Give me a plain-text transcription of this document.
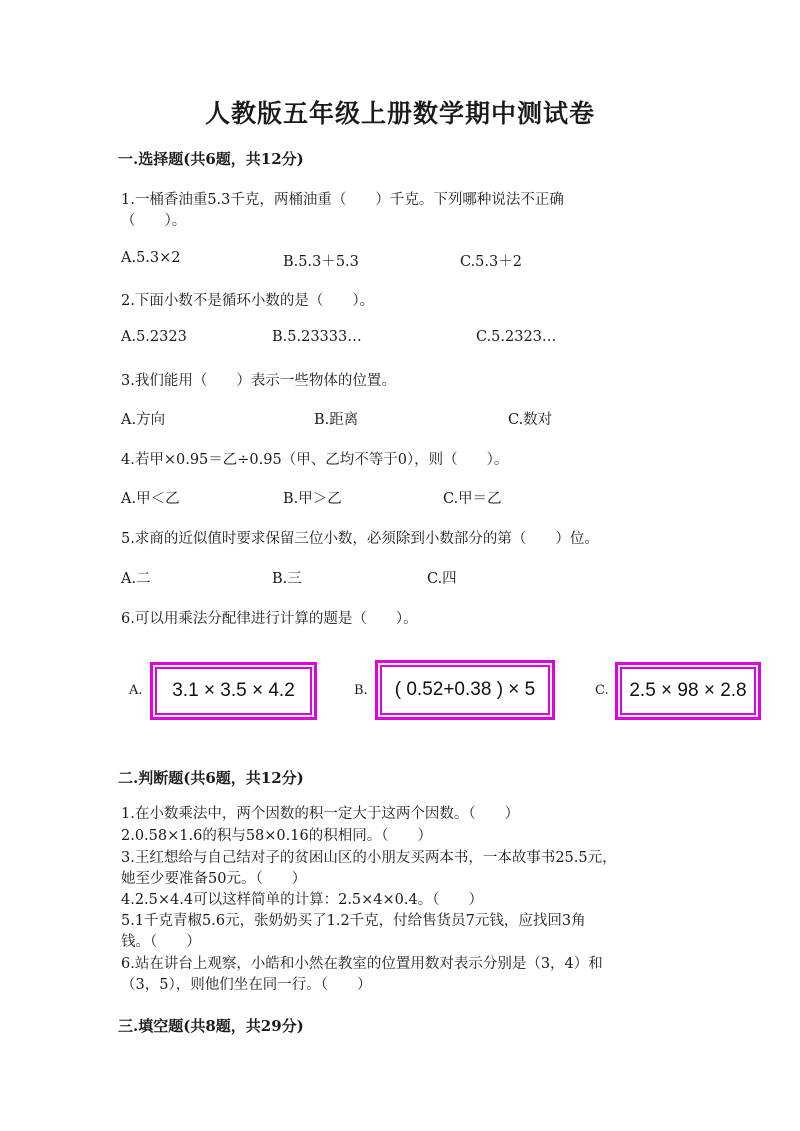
人教版五年级上册数学期中测试卷
一.选择题(共6题，共12分)
1.一桶香油重5.3千克，两桶油重（　　）千克。下列哪种说法不正确
（　　）。
A.5.3×2	B.5.3＋5.3	C.5.3＋2
2.下面小数不是循环小数的是（　　）。
A.5.2323	B.5.23333…	C.5.2323…
3.我们能用（　　）表示一些物体的位置。
A.方向	B.距离	C.数对
4.若甲×0.95＝乙÷0.95（甲、乙均不等于0），则（　　）。
A.甲＜乙	B.甲＞乙	C.甲＝乙
5.求商的近似值时要求保留三位小数，必须除到小数部分的第（　　）位。
A.二	B.三	C.四
6.可以用乘法分配律进行计算的题是（　　）。
A.	3.1 × 3.5 × 4.2	B.	( 0.52+0.38 ) × 5	C.	2.5 × 98 × 2.8
二.判断题(共6题，共12分)
1.在小数乘法中，两个因数的积一定大于这两个因数。（　　）
2.0.58×1.6的积与58×0.16的积相同。（　　）
3.王红想给与自己结对子的贫困山区的小朋友买两本书，一本故事书25.5元，
她至少要准备50元。（　　）
4.2.5×4.4可以这样简单的计算：2.5×4×0.4。（　　）
5.1千克青椒5.6元，张奶奶买了1.2千克，付给售货员7元钱，应找回3角
钱。（　　）
6.站在讲台上观察，小皓和小然在教室的位置用数对表示分别是（3，4）和
（3，5），则他们坐在同一行。（　　）
三.填空题(共8题，共29分)
